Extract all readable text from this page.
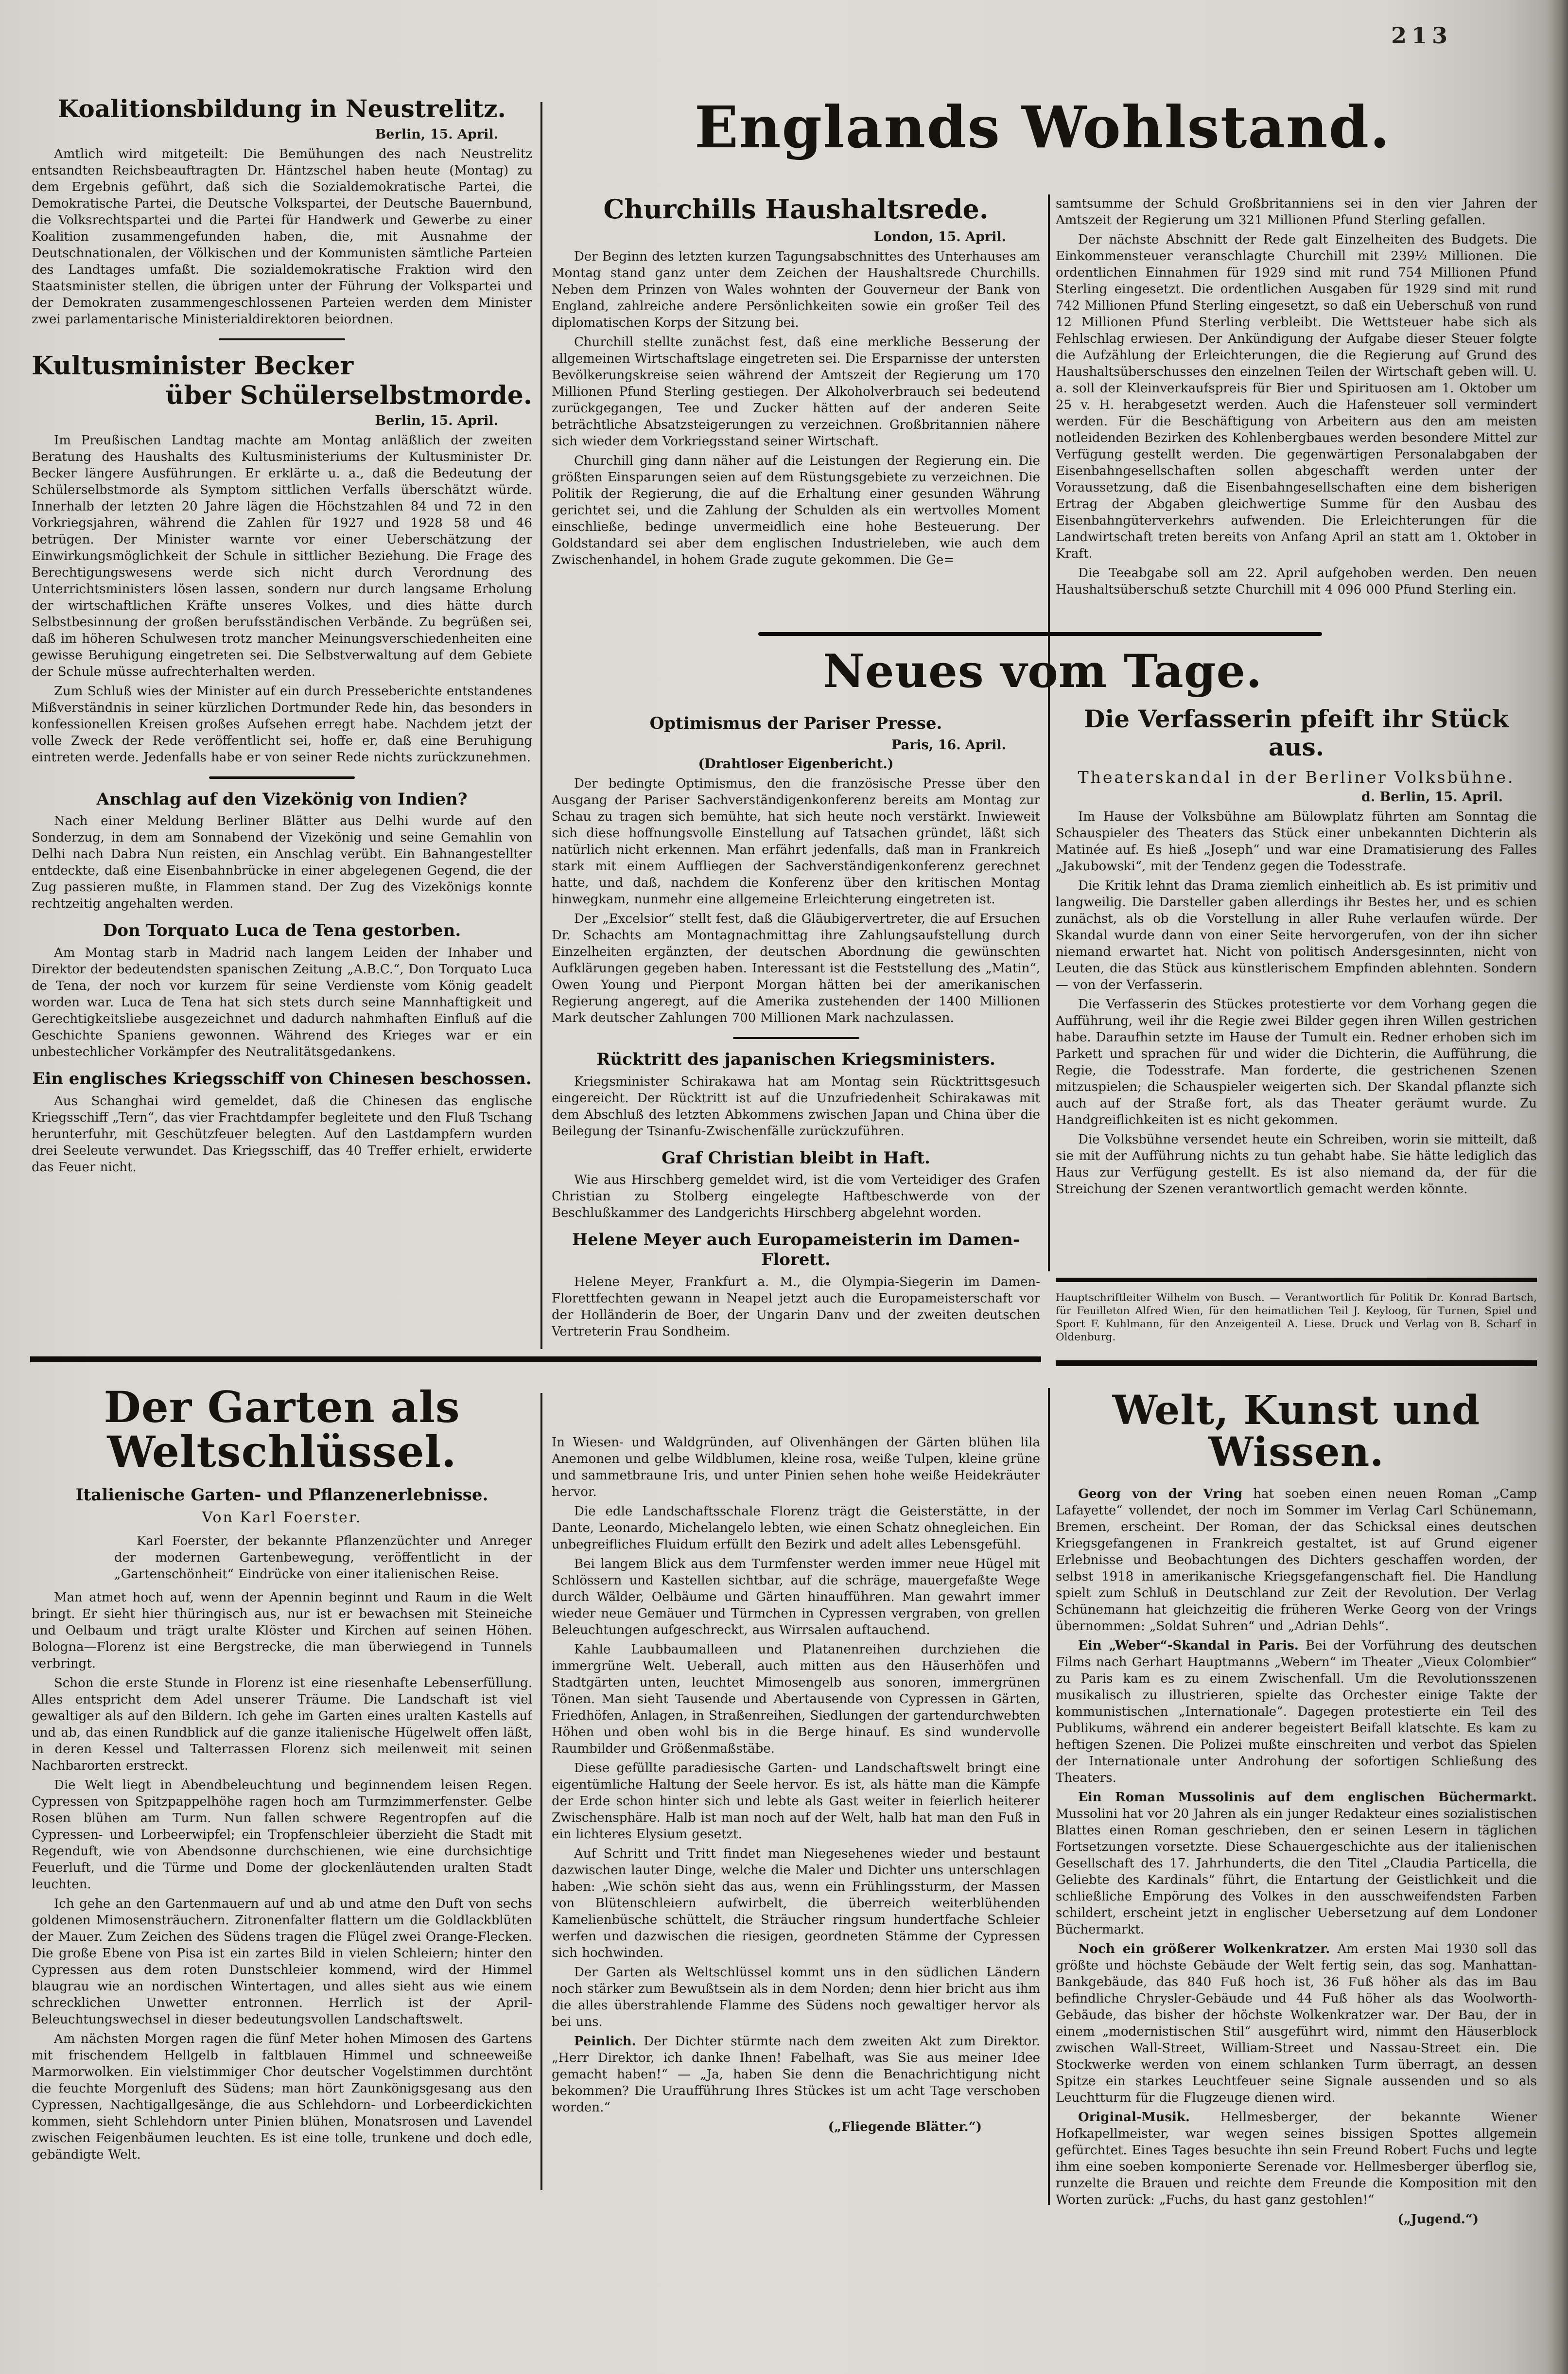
213
Koalitionsbildung in Neustrelitz.
Berlin, 15. April.

Amtlich wird mitgeteilt: Die Bemühungen des nach Neustrelitz entsandten Reichsbeauftragten Dr. Häntzschel haben heute (Montag) zu dem Ergebnis geführt, daß sich die Sozialdemokratische Partei, die Demokratische Partei, die Deutsche Volkspartei, der Deutsche Bauernbund, die Volksrechtspartei und die Partei für Handwerk und Gewerbe zu einer Koalition zusammengefunden haben, die, mit Ausnahme der Deutschnationalen, der Völkischen und der Kommunisten sämtliche Parteien des Landtages umfaßt. Die sozialdemokratische Fraktion wird den Staatsminister stellen, die übrigen unter der Führung der Volkspartei und der Demokraten zusammengeschlossenen Parteien werden dem Minister zwei parlamentarische Ministerialdirektoren beiordnen.

Kultusminister Becker
über Schülerselbstmorde.
Berlin, 15. April.

Im Preußischen Landtag machte am Montag anläßlich der zweiten Beratung des Haushalts des Kultusministeriums der Kultusminister Dr. Becker längere Ausführungen. Er erklärte u. a., daß die Bedeutung der Schülerselbstmorde als Symptom sittlichen Verfalls überschätzt würde. Innerhalb der letzten 20 Jahre lägen die Höchstzahlen 84 und 72 in den Vorkriegsjahren, während die Zahlen für 1927 und 1928 58 und 46 betrügen. Der Minister warnte vor einer Ueberschätzung der Einwirkungsmöglichkeit der Schule in sittlicher Beziehung. Die Frage des Berechtigungswesens werde sich nicht durch Verordnung des Unterrichtsministers lösen lassen, sondern nur durch langsame Erholung der wirtschaftlichen Kräfte unseres Volkes, und dies hätte durch Selbstbesinnung der großen berufsständischen Verbände. Zu begrüßen sei, daß im höheren Schulwesen trotz mancher Meinungsverschiedenheiten eine gewisse Beruhigung eingetreten sei. Die Selbstverwaltung auf dem Gebiete der Schule müsse aufrechterhalten werden.

Zum Schluß wies der Minister auf ein durch Presseberichte entstandenes Mißverständnis in seiner kürzlichen Dortmunder Rede hin, das besonders in konfessionellen Kreisen großes Aufsehen erregt habe. Nachdem jetzt der volle Zweck der Rede veröffentlicht sei, hoffe er, daß eine Beruhigung eintreten werde. Jedenfalls habe er von seiner Rede nichts zurückzunehmen.

Anschlag auf den Vizekönig von Indien?

Nach einer Meldung Berliner Blätter aus Delhi wurde auf den Sonderzug, in dem am Sonnabend der Vizekönig und seine Gemahlin von Delhi nach Dabra Nun reisten, ein Anschlag verübt. Ein Bahnangestellter entdeckte, daß eine Eisenbahnbrücke in einer abgelegenen Gegend, die der Zug passieren mußte, in Flammen stand. Der Zug des Vizekönigs konnte rechtzeitig angehalten werden.

Don Torquato Luca de Tena gestorben.

Am Montag starb in Madrid nach langem Leiden der Inhaber und Direktor der bedeutendsten spanischen Zeitung „A.B.C.“, Don Torquato Luca de Tena, der noch vor kurzem für seine Verdienste vom König geadelt worden war. Luca de Tena hat sich stets durch seine Mannhaftigkeit und Gerechtigkeitsliebe ausgezeichnet und dadurch nahmhaften Einfluß auf die Geschichte Spaniens gewonnen. Während des Krieges war er ein unbestechlicher Vorkämpfer des Neutralitätsgedankens.

Ein englisches Kriegsschiff von Chinesen beschossen.

Aus Schanghai wird gemeldet, daß die Chinesen das englische Kriegsschiff „Tern“, das vier Frachtdampfer begleitete und den Fluß Tschang herunterfuhr, mit Geschützfeuer belegten. Auf den Lastdampfern wurden drei Seeleute verwundet. Das Kriegsschiff, das 40 Treffer erhielt, erwiderte das Feuer nicht.

Englands Wohlstand.
Churchills Haushaltsrede.
London, 15. April.

Der Beginn des letzten kurzen Tagungsabschnittes des Unterhauses am Montag stand ganz unter dem Zeichen der Haushaltsrede Churchills. Neben dem Prinzen von Wales wohnten der Gouverneur der Bank von England, zahlreiche andere Persönlichkeiten sowie ein großer Teil des diplomatischen Korps der Sitzung bei.

Churchill stellte zunächst fest, daß eine merkliche Besserung der allgemeinen Wirtschaftslage eingetreten sei. Die Ersparnisse der untersten Bevölkerungskreise seien während der Amtszeit der Regierung um 170 Millionen Pfund Sterling gestiegen. Der Alkoholverbrauch sei bedeutend zurückgegangen, Tee und Zucker hätten auf der anderen Seite beträchtliche Absatzsteigerungen zu verzeichnen. Großbritannien nähere sich wieder dem Vorkriegsstand seiner Wirtschaft.

Churchill ging dann näher auf die Leistungen der Regierung ein. Die größten Einsparungen seien auf dem Rüstungsgebiete zu verzeichnen. Die Politik der Regierung, die auf die Erhaltung einer gesunden Währung gerichtet sei, und die Zahlung der Schulden als ein wertvolles Moment einschließe, bedinge unvermeidlich eine hohe Besteuerung. Der Goldstandard sei aber dem englischen Industrieleben, wie auch dem Zwischenhandel, in hohem Grade zugute gekommen. Die Ge=

samtsumme der Schuld Großbritanniens sei in den vier Jahren der Amtszeit der Regierung um 321 Millionen Pfund Sterling gefallen.

Der nächste Abschnitt der Rede galt Einzelheiten des Budgets. Die Einkommensteuer veranschlagte Churchill mit 239½ Millionen. Die ordentlichen Einnahmen für 1929 sind mit rund 754 Millionen Pfund Sterling eingesetzt. Die ordentlichen Ausgaben für 1929 sind mit rund 742 Millionen Pfund Sterling eingesetzt, so daß ein Ueberschuß von rund 12 Millionen Pfund Sterling verbleibt. Die Wettsteuer habe sich als Fehlschlag erwiesen. Der Ankündigung der Aufgabe dieser Steuer folgte die Aufzählung der Erleichterungen, die die Regierung auf Grund des Haushaltsüberschusses den einzelnen Teilen der Wirtschaft geben will. U. a. soll der Kleinverkaufspreis für Bier und Spirituosen am 1. Oktober um 25 v. H. herabgesetzt werden. Auch die Hafensteuer soll vermindert werden. Für die Beschäftigung von Arbeitern aus den am meisten notleidenden Bezirken des Kohlenbergbaues werden besondere Mittel zur Verfügung gestellt werden. Die gegenwärtigen Personalabgaben der Eisenbahngesellschaften sollen abgeschafft werden unter der Voraussetzung, daß die Eisenbahngesellschaften eine dem bisherigen Ertrag der Abgaben gleichwertige Summe für den Ausbau des Eisenbahngüterverkehrs aufwenden. Die Erleichterungen für die Landwirtschaft treten bereits von Anfang April an statt am 1. Oktober in Kraft.

Die Teeabgabe soll am 22. April aufgehoben werden. Den neuen Haushaltsüberschuß setzte Churchill mit 4 096 000 Pfund Sterling ein.

Neues vom Tage.
Optimismus der Pariser Presse.
Paris, 16. April.
(Drahtloser Eigenbericht.)

Der bedingte Optimismus, den die französische Presse über den Ausgang der Pariser Sachverständigenkonferenz bereits am Montag zur Schau zu tragen sich bemühte, hat sich heute noch verstärkt. Inwieweit sich diese hoffnungsvolle Einstellung auf Tatsachen gründet, läßt sich natürlich nicht erkennen. Man erfährt jedenfalls, daß man in Frankreich stark mit einem Auffliegen der Sachverständigenkonferenz gerechnet hatte, und daß, nachdem die Konferenz über den kritischen Montag hinwegkam, nunmehr eine allgemeine Erleichterung eingetreten ist.

Der „Excelsior“ stellt fest, daß die Gläubigervertreter, die auf Ersuchen Dr. Schachts am Montagnachmittag ihre Zahlungsaufstellung durch Einzelheiten ergänzten, der deutschen Abordnung die gewünschten Aufklärungen gegeben haben. Interessant ist die Feststellung des „Matin“, Owen Young und Pierpont Morgan hätten bei der amerikanischen Regierung angeregt, auf die Amerika zustehenden der 1400 Millionen Mark deutscher Zahlungen 700 Millionen Mark nachzulassen.

Rücktritt des japanischen Kriegsministers.

Kriegsminister Schirakawa hat am Montag sein Rücktrittsgesuch eingereicht. Der Rücktritt ist auf die Unzufriedenheit Schirakawas mit dem Abschluß des letzten Abkommens zwischen Japan und China über die Beilegung der Tsinanfu-Zwischenfälle zurückzuführen.

Graf Christian bleibt in Haft.

Wie aus Hirschberg gemeldet wird, ist die vom Verteidiger des Grafen Christian zu Stolberg eingelegte Haftbeschwerde von der Beschlußkammer des Landgerichts Hirschberg abgelehnt worden.

Helene Meyer auch Europameisterin im Damen-Florett.

Helene Meyer, Frankfurt a. M., die Olympia-Siegerin im Damen-Florettfechten gewann in Neapel jetzt auch die Europameisterschaft vor der Holländerin de Boer, der Ungarin Danv und der zweiten deutschen Vertreterin Frau Sondheim.

Die Verfasserin pfeift ihr Stück aus.
Theaterskandal in der Berliner Volksbühne.
d. Berlin, 15. April.

Im Hause der Volksbühne am Bülowplatz führten am Sonntag die Schauspieler des Theaters das Stück einer unbekannten Dichterin als Matinée auf. Es hieß „Joseph“ und war eine Dramatisierung des Falles „Jakubowski“, mit der Tendenz gegen die Todesstrafe.

Die Kritik lehnt das Drama ziemlich einheitlich ab. Es ist primitiv und langweilig. Die Darsteller gaben allerdings ihr Bestes her, und es schien zunächst, als ob die Vorstellung in aller Ruhe verlaufen würde. Der Skandal wurde dann von einer Seite hervorgerufen, von der ihn sicher niemand erwartet hat. Nicht von politisch Andersgesinnten, nicht von Leuten, die das Stück aus künstlerischem Empfinden ablehnten. Sondern — von der Verfasserin.

Die Verfasserin des Stückes protestierte vor dem Vorhang gegen die Aufführung, weil ihr die Regie zwei Bilder gegen ihren Willen gestrichen habe. Daraufhin setzte im Hause der Tumult ein. Redner erhoben sich im Parkett und sprachen für und wider die Dichterin, die Aufführung, die Regie, die Todesstrafe. Man forderte, die gestrichenen Szenen mitzuspielen; die Schauspieler weigerten sich. Der Skandal pflanzte sich auch auf der Straße fort, als das Theater geräumt wurde. Zu Handgreiflichkeiten ist es nicht gekommen.

Die Volksbühne versendet heute ein Schreiben, worin sie mitteilt, daß sie mit der Aufführung nichts zu tun gehabt habe. Sie hätte lediglich das Haus zur Verfügung gestellt. Es ist also niemand da, der für die Streichung der Szenen verantwortlich gemacht werden könnte.

Hauptschriftleiter Wilhelm von Busch. — Verantwortlich für Politik Dr. Konrad Bartsch, für Feuilleton Alfred Wien, für den heimatlichen Teil J. Keyloog, für Turnen, Spiel und Sport F. Kuhlmann, für den Anzeigenteil A. Liese. Druck und Verlag von B. Scharf in Oldenburg.
Der Garten als Weltschlüssel.
Italienische Garten- und Pflanzenerlebnisse.
Von Karl Foerster.

Karl Foerster, der bekannte Pflanzenzüchter und Anreger der modernen Gartenbewegung, veröffentlicht in der „Gartenschönheit“ Eindrücke von einer italienischen Reise.

Man atmet hoch auf, wenn der Apennin beginnt und Raum in die Welt bringt. Er sieht hier thüringisch aus, nur ist er bewachsen mit Steineiche und Oelbaum und trägt uralte Klöster und Kirchen auf seinen Höhen. Bologna—Florenz ist eine Bergstrecke, die man überwiegend in Tunnels verbringt.

Schon die erste Stunde in Florenz ist eine riesenhafte Lebenserfüllung. Alles entspricht dem Adel unserer Träume. Die Landschaft ist viel gewaltiger als auf den Bildern. Ich gehe im Garten eines uralten Kastells auf und ab, das einen Rundblick auf die ganze italienische Hügelwelt offen läßt, in deren Kessel und Talterrassen Florenz sich meilenweit mit seinen Nachbarorten erstreckt.

Die Welt liegt in Abendbeleuchtung und beginnendem leisen Regen. Cypressen von Spitzpappelhöhe ragen hoch am Turmzimmerfenster. Gelbe Rosen blühen am Turm. Nun fallen schwere Regentropfen auf die Cypressen- und Lorbeerwipfel; ein Tropfenschleier überzieht die Stadt mit Regenduft, wie von Abendsonne durchschienen, wie eine durchsichtige Feuerluft, und die Türme und Dome der glockenläutenden uralten Stadt leuchten.

Ich gehe an den Gartenmauern auf und ab und atme den Duft von sechs goldenen Mimosensträuchern. Zitronenfalter flattern um die Goldlackblüten der Mauer. Zum Zeichen des Südens tragen die Flügel zwei Orange-Flecken. Die große Ebene von Pisa ist ein zartes Bild in vielen Schleiern; hinter den Cypressen aus dem roten Dunstschleier kommend, wird der Himmel blaugrau wie an nordischen Wintertagen, und alles sieht aus wie einem schrecklichen Unwetter entronnen. Herrlich ist der April-Beleuchtungswechsel in dieser bedeutungsvollen Landschaftswelt.

Am nächsten Morgen ragen die fünf Meter hohen Mimosen des Gartens mit frischendem Hellgelb in faltblauen Himmel und schneeweiße Marmorwolken. Ein vielstimmiger Chor deutscher Vogelstimmen durchtönt die feuchte Morgenluft des Südens; man hört Zaunkönigsgesang aus den Cypressen, Nachtigallgesänge, die aus Schlehdorn- und Lorbeerdickichten kommen, sieht Schlehdorn unter Pinien blühen, Monatsrosen und Lavendel zwischen Feigenbäumen leuchten. Es ist eine tolle, trunkene und doch edle, gebändigte Welt.

In Wiesen- und Waldgründen, auf Olivenhängen der Gärten blühen lila Anemonen und gelbe Wildblumen, kleine rosa, weiße Tulpen, kleine grüne und sammetbraune Iris, und unter Pinien sehen hohe weiße Heidekräuter hervor.

Die edle Landschaftsschale Florenz trägt die Geisterstätte, in der Dante, Leonardo, Michelangelo lebten, wie einen Schatz ohnegleichen. Ein unbegreifliches Fluidum erfüllt den Bezirk und adelt alles Lebensgefühl.

Bei langem Blick aus dem Turmfenster werden immer neue Hügel mit Schlössern und Kastellen sichtbar, auf die schräge, mauergefaßte Wege durch Wälder, Oelbäume und Gärten hinaufführen. Man gewahrt immer wieder neue Gemäuer und Türmchen in Cypressen vergraben, von grellen Beleuchtungen aufgeschreckt, aus Wirrsalen auftauchend.

Kahle Laubbaumalleen und Platanenreihen durchziehen die immergrüne Welt. Ueberall, auch mitten aus den Häuserhöfen und Stadtgärten unten, leuchtet Mimosengelb aus sonoren, immergrünen Tönen. Man sieht Tausende und Abertausende von Cypressen in Gärten, Friedhöfen, Anlagen, in Straßenreihen, Siedlungen der gartendurchwebten Höhen und oben wohl bis in die Berge hinauf. Es sind wundervolle Raumbilder und Größenmaßstäbe.

Diese gefüllte paradiesische Garten- und Landschaftswelt bringt eine eigentümliche Haltung der Seele hervor. Es ist, als hätte man die Kämpfe der Erde schon hinter sich und lebte als Gast weiter in feierlich heiterer Zwischensphäre. Halb ist man noch auf der Welt, halb hat man den Fuß in ein lichteres Elysium gesetzt.

Auf Schritt und Tritt findet man Niegesehenes wieder und bestaunt dazwischen lauter Dinge, welche die Maler und Dichter uns unterschlagen haben: „Wie schön sieht das aus, wenn ein Frühlingssturm, der Massen von Blütenschleiern aufwirbelt, die überreich weiterblühenden Kamelienbüsche schüttelt, die Sträucher ringsum hundertfache Schleier werfen und dazwischen die riesigen, geordneten Stämme der Cypressen sich hochwinden.

Der Garten als Weltschlüssel kommt uns in den südlichen Ländern noch stärker zum Bewußtsein als in dem Norden; denn hier bricht aus ihm die alles überstrahlende Flamme des Südens noch gewaltiger hervor als bei uns.

Peinlich. Der Dichter stürmte nach dem zweiten Akt zum Direktor. „Herr Direktor, ich danke Ihnen! Fabelhaft, was Sie aus meiner Idee gemacht haben!“ — „Ja, haben Sie denn die Benachrichtigung nicht bekommen? Die Uraufführung Ihres Stückes ist um acht Tage verschoben worden.“

(„Fliegende Blätter.“)
Welt, Kunst und Wissen.

Georg von der Vring hat soeben einen neuen Roman „Camp Lafayette“ vollendet, der noch im Sommer im Verlag Carl Schünemann, Bremen, erscheint. Der Roman, der das Schicksal eines deutschen Kriegsgefangenen in Frankreich gestaltet, ist auf Grund eigener Erlebnisse und Beobachtungen des Dichters geschaffen worden, der selbst 1918 in amerikanische Kriegsgefangenschaft fiel. Die Handlung spielt zum Schluß in Deutschland zur Zeit der Revolution. Der Verlag Schünemann hat gleichzeitig die früheren Werke Georg von der Vrings übernommen: „Soldat Suhren“ und „Adrian Dehls“.

Ein „Weber“-Skandal in Paris. Bei der Vorführung des deutschen Films nach Gerhart Hauptmanns „Webern“ im Theater „Vieux Colombier“ zu Paris kam es zu einem Zwischenfall. Um die Revolutionsszenen musikalisch zu illustrieren, spielte das Orchester einige Takte der kommunistischen „Internationale“. Dagegen protestierte ein Teil des Publikums, während ein anderer begeistert Beifall klatschte. Es kam zu heftigen Szenen. Die Polizei mußte einschreiten und verbot das Spielen der Internationale unter Androhung der sofortigen Schließung des Theaters.

Ein Roman Mussolinis auf dem englischen Büchermarkt. Mussolini hat vor 20 Jahren als ein junger Redakteur eines sozialistischen Blattes einen Roman geschrieben, den er seinen Lesern in täglichen Fortsetzungen vorsetzte. Diese Schauergeschichte aus der italienischen Gesellschaft des 17. Jahrhunderts, die den Titel „Claudia Particella, die Geliebte des Kardinals“ führt, die Entartung der Geistlichkeit und die schließliche Empörung des Volkes in den ausschweifendsten Farben schildert, erscheint jetzt in englischer Uebersetzung auf dem Londoner Büchermarkt.

Noch ein größerer Wolkenkratzer. Am ersten Mai 1930 soll das größte und höchste Gebäude der Welt fertig sein, das sog. Manhattan-Bankgebäude, das 840 Fuß hoch ist, 36 Fuß höher als das im Bau befindliche Chrysler-Gebäude und 44 Fuß höher als das Woolworth-Gebäude, das bisher der höchste Wolkenkratzer war. Der Bau, der in einem „modernistischen Stil“ ausgeführt wird, nimmt den Häuserblock zwischen Wall-Street, William-Street und Nassau-Street ein. Die Stockwerke werden von einem schlanken Turm überragt, an dessen Spitze ein starkes Leuchtfeuer seine Signale aussenden und so als Leuchtturm für die Flugzeuge dienen wird.

Original-Musik. Hellmesberger, der bekannte Wiener Hofkapellmeister, war wegen seines bissigen Spottes allgemein gefürchtet. Eines Tages besuchte ihn sein Freund Robert Fuchs und legte ihm eine soeben komponierte Serenade vor. Hellmesberger überflog sie, runzelte die Brauen und reichte dem Freunde die Komposition mit den Worten zurück: „Fuchs, du hast ganz gestohlen!“

(„Jugend.“)
